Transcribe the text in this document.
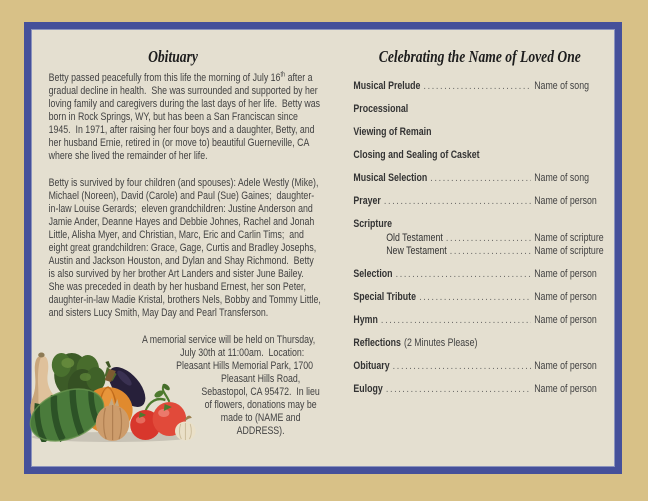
Obituary

Betty passed peacefully from this life the morning of July 16th after a gradual decline in health.  She was surrounded and supported by her loving family and caregivers during the last days of her life.  Betty was born in Rock Springs, WY, but has been a San Franciscan since 1945.  In 1971, after raising her four boys and a daughter, Betty, and her husband Ernie, retired in (or move to) beautiful Guerneville, CA where she lived the remainder of her life.

Betty is survived by four children (and spouses): Adele Westly (Mike), Michael (Noreen), David (Carole) and Paul (Sue) Gaines;  daughter-in-law Louise Gerards;  eleven grandchildren: Justine Anderson and Jamie Ander, Deanne Hayes and Debbie Johnes, Rachel and Jonah Little, Alisha Myer, and Christian, Marc, Eric and Carlin Tims;  and eight great grandchildren: Grace, Gage, Curtis and Bradley Josephs, Austin and Jackson Houston, and Dylan and Shay Richmond.  Betty is also survived by her brother Art Landers and sister June Bailey.  She was preceded in death by her husband Ernest, her son Peter, daughter-in-law Madie Kristal, brothers Nels, Bobby and Tommy Little, and sisters Lucy Smith, May Day and Pearl Transferson.

A memorial service will be held on Thursday, July 30th at 11:00am.  Location:  Pleasant Hills Memorial Park, 1700 Pleasant Hills Road, Sebastopol, CA 95472.  In lieu of flowers, donations may be made to (NAME and ADDRESS).

Celebrating the Name of Loved One
Musical Prelude .....	Name of song
Processional
Viewing of Remain
Closing and Sealing of Casket
Musical Selection .....	Name of song
Prayer .....	Name of person
Scripture
Old Testament .....	Name of scripture
New Testament .....	Name of scripture
Selection .....	Name of person
Special Tribute .....	Name of person
Hymn .....	Name of person
Reflections (2 Minutes Please)
Obituary .....	Name of person
Eulogy .....	Name of person
